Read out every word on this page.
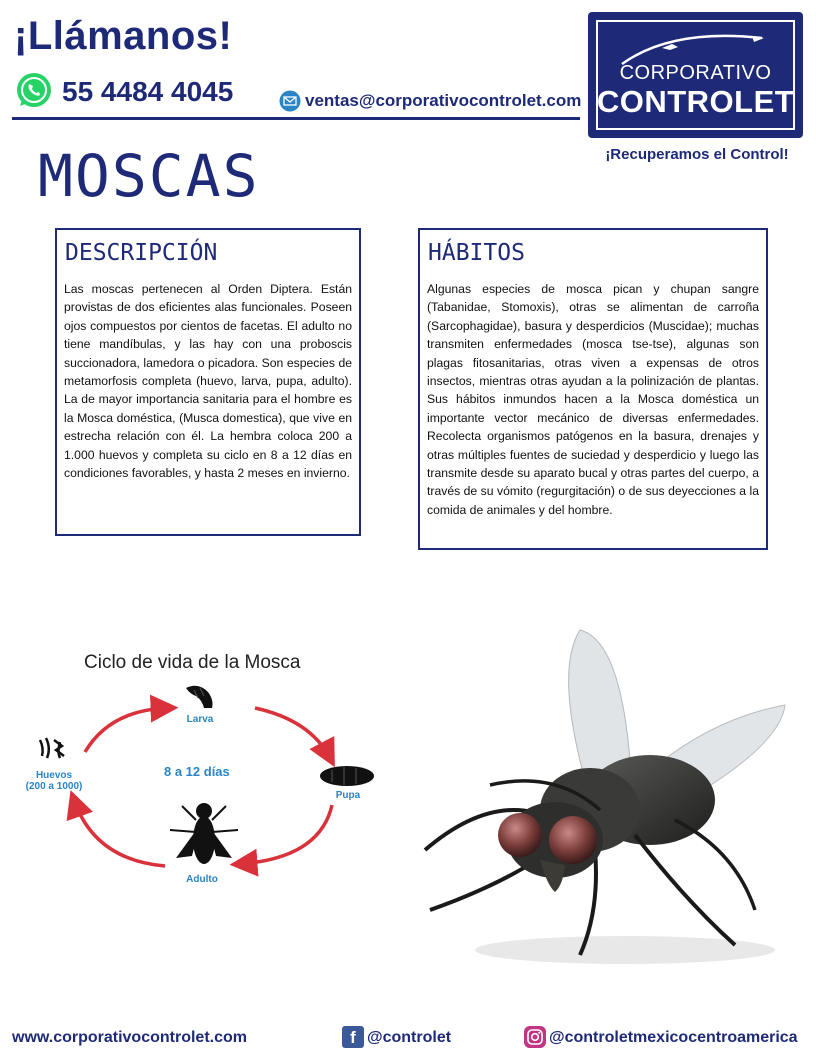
¡Llámanos!
55 4484 4045	ventas@corporativocontrolet.com
CORPORATIVO
CONTROLET
¡Recuperamos el Control!
MOSCAS
DESCRIPCIÓN
Las moscas pertenecen al Orden Diptera. Están provistas de dos eficientes alas funcionales. Poseen ojos compuestos por cientos de facetas. El adulto no tiene mandíbulas, y las hay con una proboscis succionadora, lamedora o picadora. Son especies de metamorfosis completa (huevo, larva, pupa, adulto). La de mayor importancia sanitaria para el hombre es la Mosca doméstica, (Musca domestica), que vive en estrecha relación con él. La hembra coloca 200 a 1.000 huevos y completa su ciclo en 8 a 12 días en condiciones favorables, y hasta 2 meses en invierno.
HÁBITOS
Algunas especies de mosca pican y chupan sangre (Tabanidae, Stomoxis), otras se alimentan de carroña (Sarcophagidae), basura y desperdicios (Muscidae); muchas transmiten enfermedades (mosca tse-tse), algunas son plagas fitosanitarias, otras viven a expensas de otros insectos, mientras otras ayudan a la polinización de plantas. Sus hábitos inmundos hacen a la Mosca doméstica un importante vector mecánico de diversas enfermedades. Recolecta organismos patógenos en la basura, drenajes y otras múltiples fuentes de suciedad y desperdicio y luego las transmite desde su aparato bucal y otras partes del cuerpo, a través de su vómito (regurgitación) o de sus deyecciones a la comida de animales y del hombre.
Ciclo de vida de la Mosca
Larva
Pupa
Adulto
Huevos
(200 a 1000)
8 a 12 días
www.corporativocontrolet.com	f @controlet	@controletmexicocentroamerica
